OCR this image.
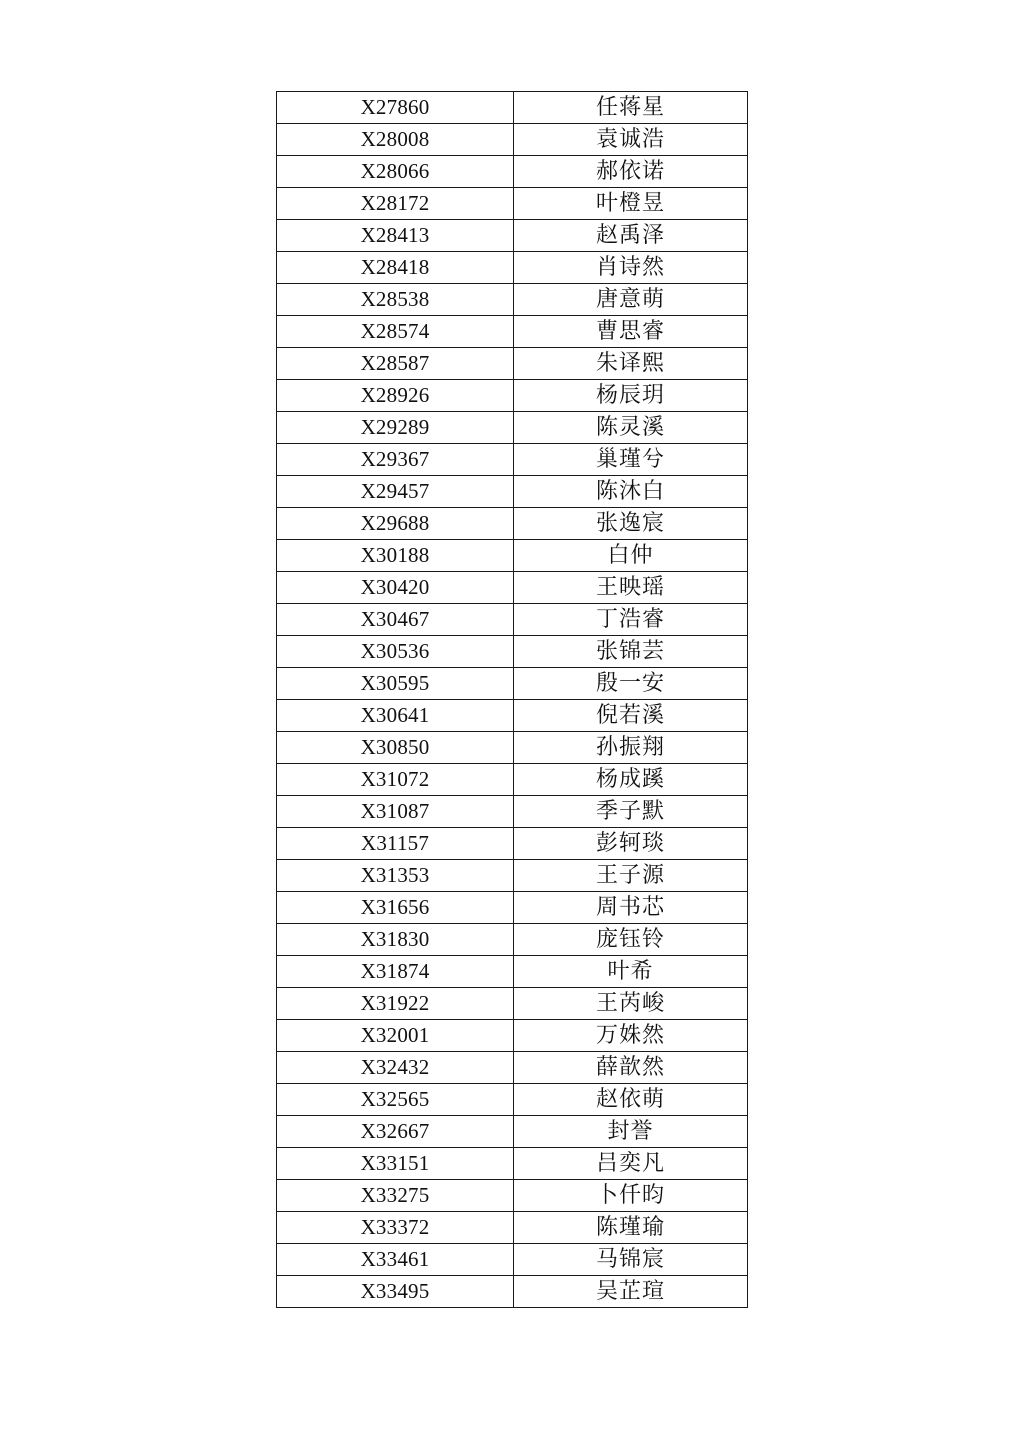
X27860	任蒋星
X28008	袁诚浩
X28066	郝依诺
X28172	叶橙昱
X28413	赵禹泽
X28418	肖诗然
X28538	唐意萌
X28574	曹思睿
X28587	朱译熙
X28926	杨辰玥
X29289	陈灵溪
X29367	巢瑾兮
X29457	陈沐白
X29688	张逸宸
X30188	白仲
X30420	王映瑶
X30467	丁浩睿
X30536	张锦芸
X30595	殷一安
X30641	倪若溪
X30850	孙振翔
X31072	杨成蹊
X31087	季子默
X31157	彭轲琰
X31353	王子源
X31656	周书芯
X31830	庞钰铃
X31874	叶希
X31922	王芮峻
X32001	万姝然
X32432	薛歆然
X32565	赵依萌
X32667	封誉
X33151	吕奕凡
X33275	卜仟昀
X33372	陈瑾瑜
X33461	马锦宸
X33495	吴芷瑄
